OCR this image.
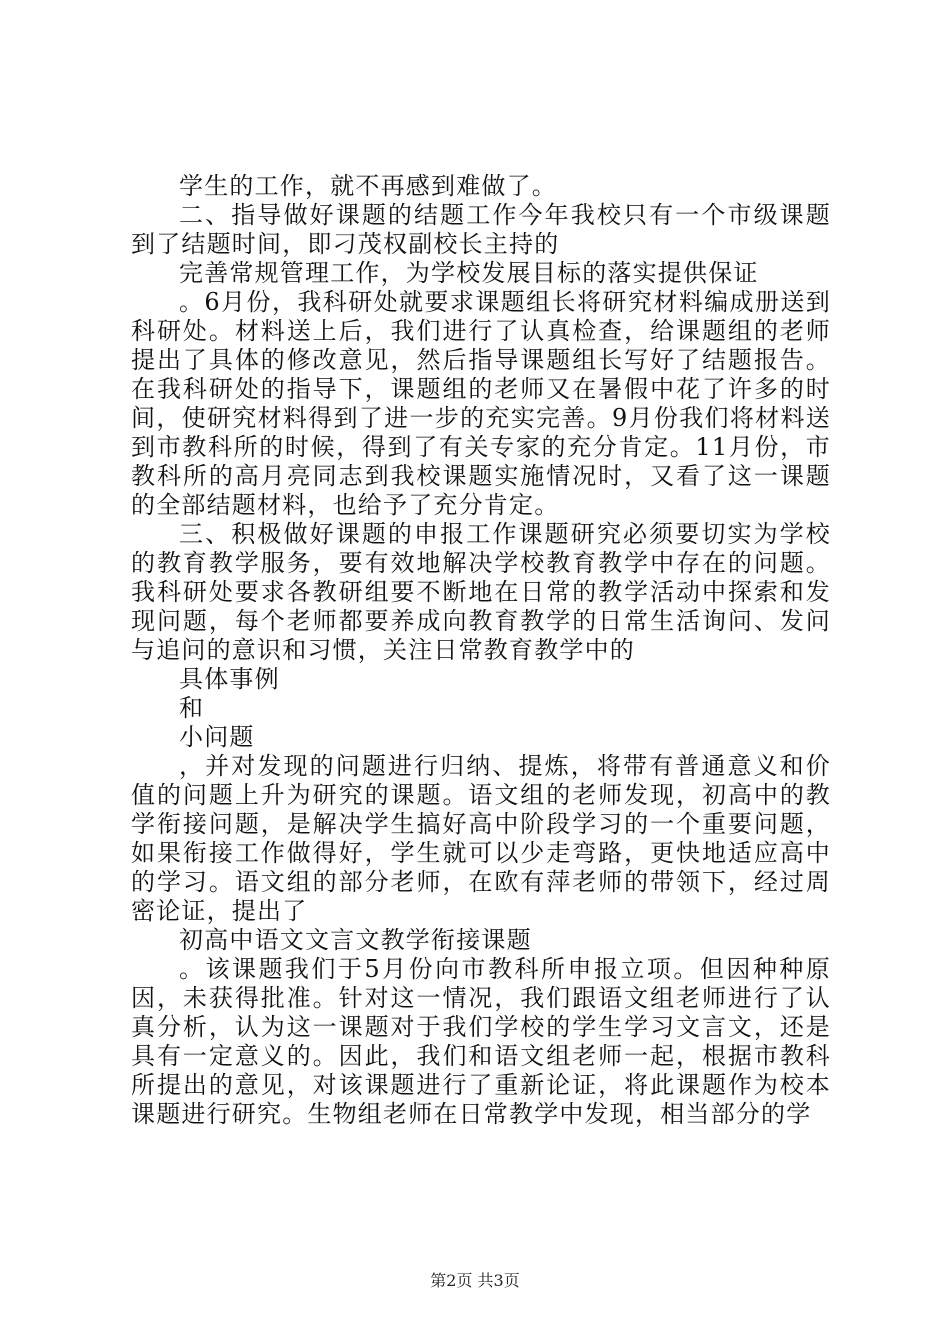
学生的工作，就不再感到难做了。

二、指导做好课题的结题工作今年我校只有一个市级课题到了结题时间，即刁茂权副校长主持的

完善常规管理工作，为学校发展目标的落实提供保证

。6月份，我科研处就要求课题组长将研究材料编成册送到科研处。材料送上后，我们进行了认真检查，给课题组的老师提出了具体的修改意见，然后指导课题组长写好了结题报告。在我科研处的指导下，课题组的老师又在暑假中花了许多的时间，使研究材料得到了进一步的充实完善。9月份我们将材料送到市教科所的时候，得到了有关专家的充分肯定。11月份，市教科所的高月亮同志到我校课题实施情况时，又看了这一课题的全部结题材料，也给予了充分肯定。

三、积极做好课题的申报工作课题研究必须要切实为学校的教育教学服务，要有效地解决学校教育教学中存在的问题。我科研处要求各教研组要不断地在日常的教学活动中探索和发现问题，每个老师都要养成向教育教学的日常生活询问、发问与追问的意识和习惯，关注日常教育教学中的

具体事例

和

小问题

，并对发现的问题进行归纳、提炼，将带有普通意义和价值的问题上升为研究的课题。语文组的老师发现，初高中的教学衔接问题，是解决学生搞好高中阶段学习的一个重要问题，如果衔接工作做得好，学生就可以少走弯路，更快地适应高中的学习。语文组的部分老师，在欧有萍老师的带领下，经过周密论证，提出了

初高中语文文言文教学衔接课题

。该课题我们于5月份向市教科所申报立项。但因种种原因，未获得批准。针对这一情况，我们跟语文组老师进行了认真分析，认为这一课题对于我们学校的学生学习文言文，还是具有一定意义的。因此，我们和语文组老师一起，根据市教科所提出的意见，对该课题进行了重新论证，将此课题作为校本课题进行研究。生物组老师在日常教学中发现，相当部分的学

第2页 共3页
